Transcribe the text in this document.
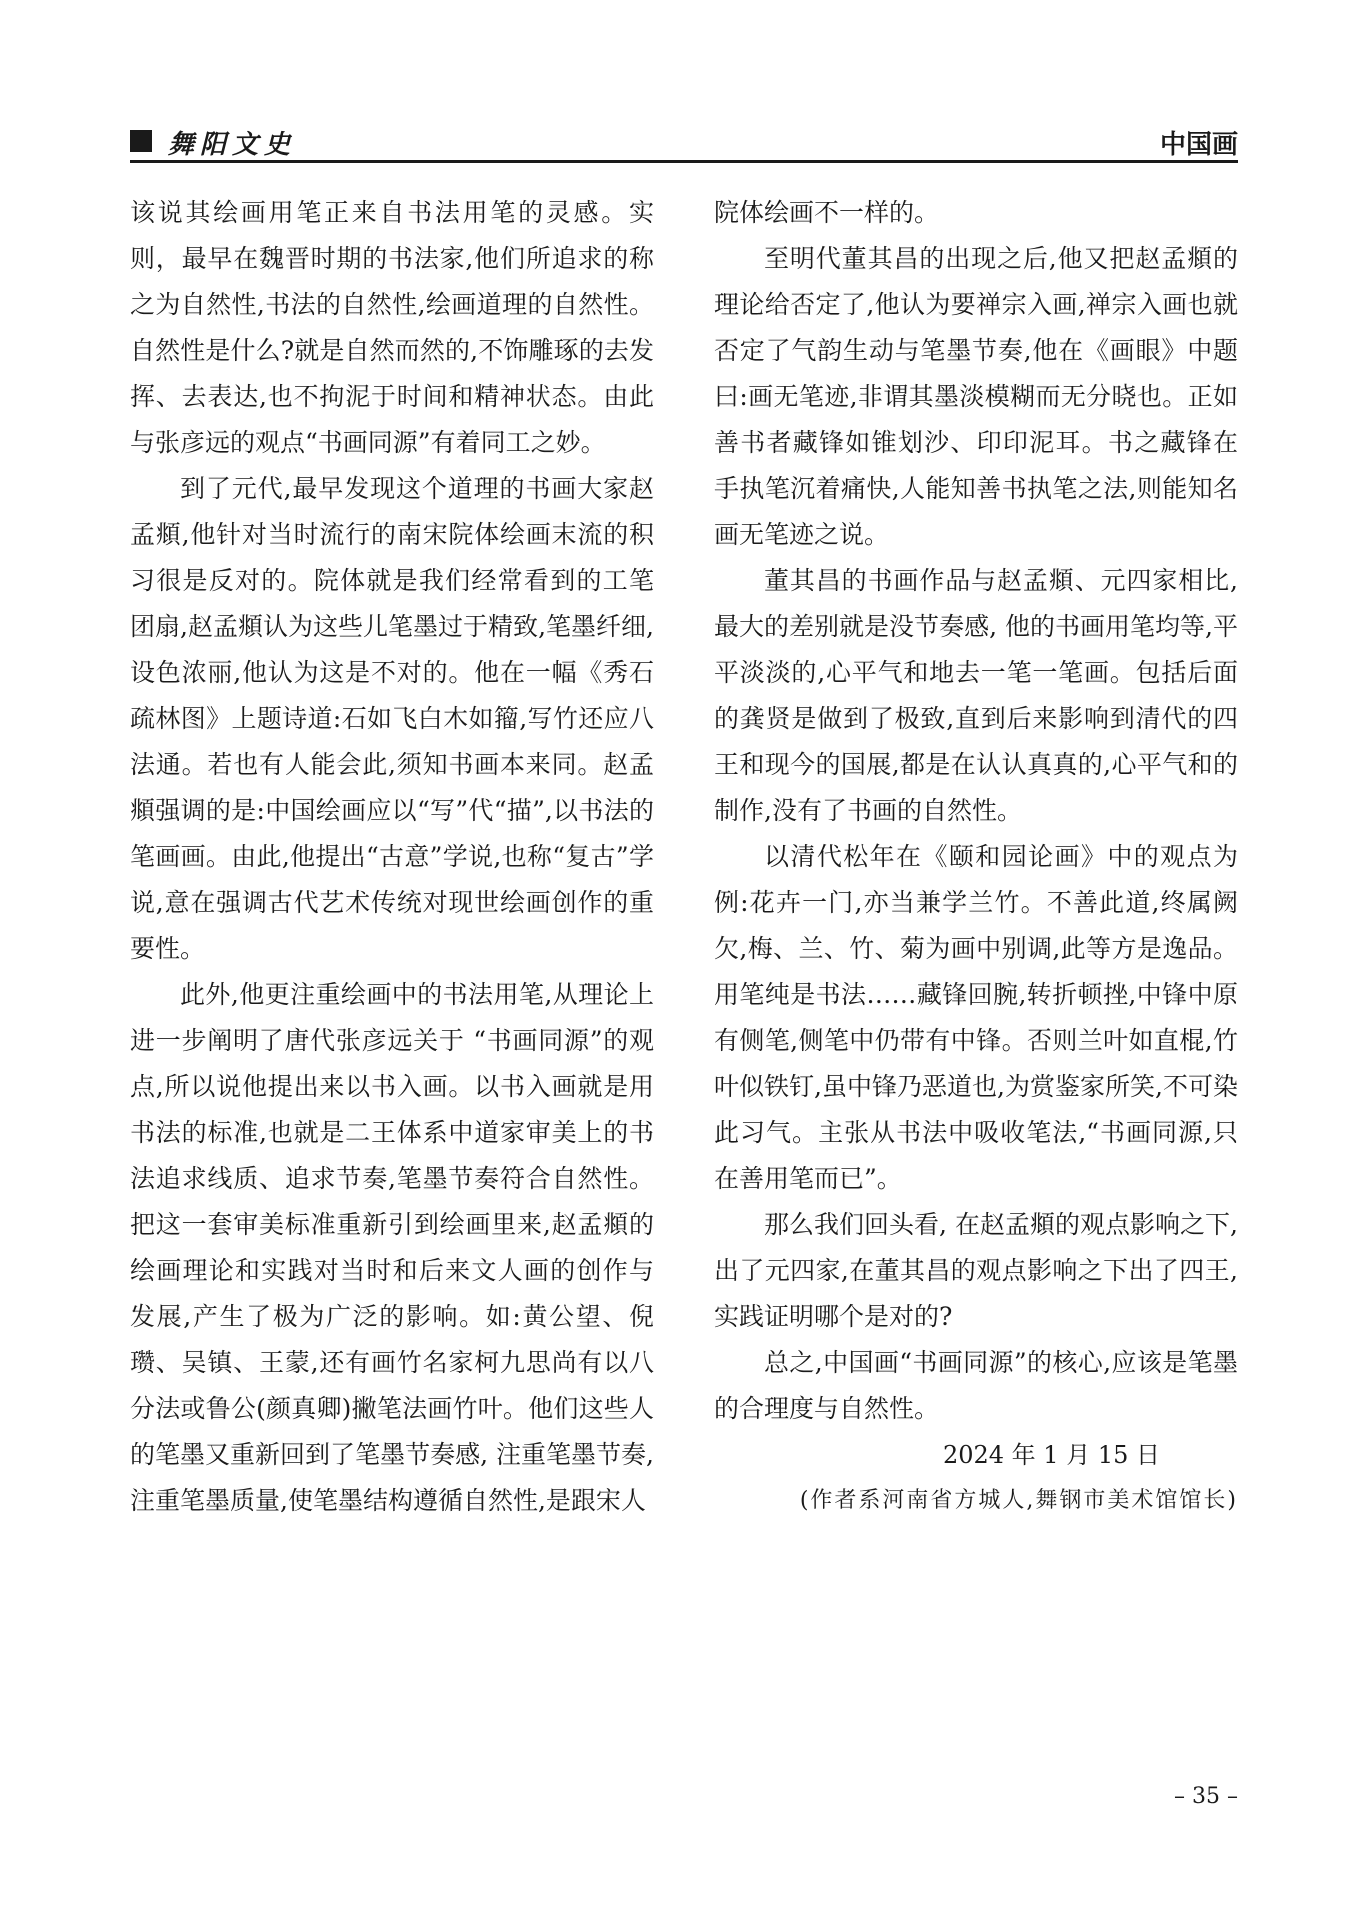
舞阳文史	中国画

该说其绘画用笔正来自书法用笔的灵感。实则，最早在魏晋时期的书法家,他们所追求的称之为自然性,书法的自然性,绘画道理的自然性。自然性是什么?就是自然而然的,不饰雕琢的去发挥、去表达,也不拘泥于时间和精神状态。由此与张彦远的观点“书画同源”有着同工之妙。

到了元代,最早发现这个道理的书画大家赵孟頫,他针对当时流行的南宋院体绘画末流的积习很是反对的。院体就是我们经常看到的工笔团扇,赵孟頫认为这些儿笔墨过于精致,笔墨纤细,设色浓丽,他认为这是不对的。他在一幅《秀石疏林图》上题诗道:石如飞白木如籀,写竹还应八法通。若也有人能会此,须知书画本来同。赵孟頫强调的是:中国绘画应以“写”代“描”,以书法的笔画画。由此,他提出“古意”学说,也称“复古”学说,意在强调古代艺术传统对现世绘画创作的重要性。

此外,他更注重绘画中的书法用笔,从理论上进一步阐明了唐代张彦远关于 “书画同源”的观点,所以说他提出来以书入画。以书入画就是用书法的标准,也就是二王体系中道家审美上的书法追求线质、追求节奏,笔墨节奏符合自然性。把这一套审美标准重新引到绘画里来,赵孟頫的绘画理论和实践对当时和后来文人画的创作与发展,产生了极为广泛的影响。如:黄公望、倪瓒、吴镇、王蒙,还有画竹名家柯九思尚有以八分法或鲁公(颜真卿)撇笔法画竹叶。他们这些人的笔墨又重新回到了笔墨节奏感, 注重笔墨节奏,注重笔墨质量,使笔墨结构遵循自然性,是跟宋人

院体绘画不一样的。

至明代董其昌的出现之后,他又把赵孟頫的理论给否定了,他认为要禅宗入画,禅宗入画也就否定了气韵生动与笔墨节奏,他在《画眼》中题曰:画无笔迹,非谓其墨淡模糊而无分晓也。正如善书者藏锋如锥划沙、印印泥耳。书之藏锋在手执笔沉着痛快,人能知善书执笔之法,则能知名画无笔迹之说。

董其昌的书画作品与赵孟頫、元四家相比,最大的差别就是没节奏感, 他的书画用笔均等,平平淡淡的,心平气和地去一笔一笔画。包括后面的龚贤是做到了极致,直到后来影响到清代的四王和现今的国展,都是在认认真真的,心平气和的制作,没有了书画的自然性。

以清代松年在《颐和园论画》中的观点为例:花卉一门,亦当兼学兰竹。不善此道,终属阙欠,梅、兰、竹、菊为画中别调,此等方是逸品。用笔纯是书法……藏锋回腕,转折顿挫,中锋中原有侧笔,侧笔中仍带有中锋。否则兰叶如直棍,竹叶似铁钉,虽中锋乃恶道也,为赏鉴家所笑,不可染此习气。主张从书法中吸收笔法,“书画同源,只在善用笔而已”。

那么我们回头看, 在赵孟頫的观点影响之下,出了元四家,在董其昌的观点影响之下出了四王,实践证明哪个是对的?

总之,中国画“书画同源”的核心,应该是笔墨的合理度与自然性。

2024 年 1 月 15 日

(作者系河南省方城人,舞钢市美术馆馆长)

– 35 –
